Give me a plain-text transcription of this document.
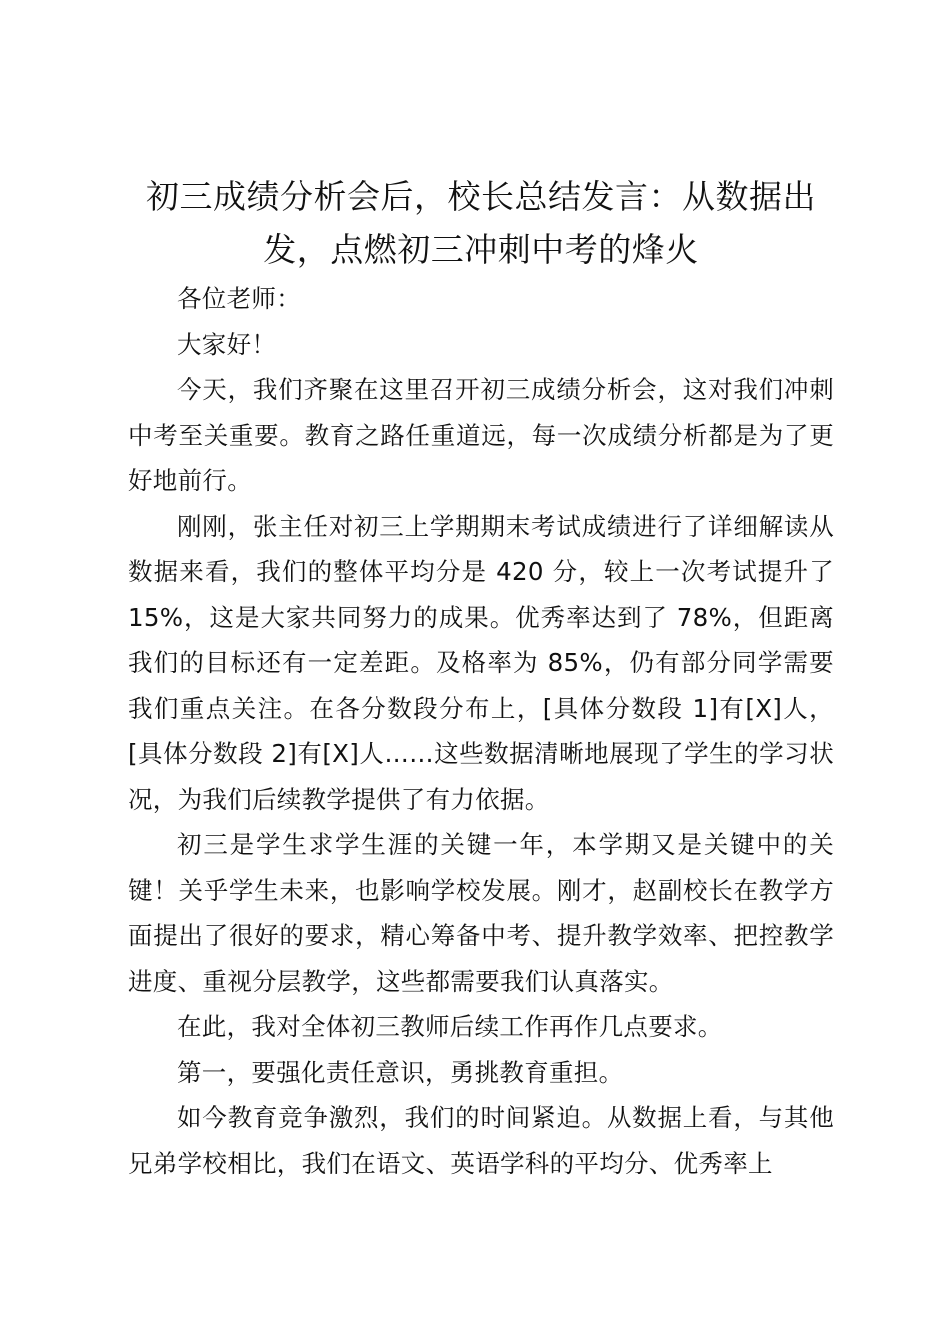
初三成绩分析会后，校长总结发言：从数据出发，点燃初三冲刺中考的烽火

各位老师：

大家好！

今天，我们齐聚在这里召开初三成绩分析会，这对我们冲刺中考至关重要。教育之路任重道远，每一次成绩分析都是为了更好地前行。

刚刚，张主任对初三上学期期末考试成绩进行了详细解读从数据来看，我们的整体平均分是 420 分，较上一次考试提升了 15%，这是大家共同努力的成果。优秀率达到了 78%，但距离我们的目标还有一定差距。及格率为 85%，仍有部分同学需要我们重点关注。在各分数段分布上，[具体分数段 1]有[X]人，[具体分数段 2]有[X]人……这些数据清晰地展现了学生的学习状况，为我们后续教学提供了有力依据。

初三是学生求学生涯的关键一年，本学期又是关键中的关键！关乎学生未来，也影响学校发展。刚才，赵副校长在教学方面提出了很好的要求，精心筹备中考、提升教学效率、把控教学进度、重视分层教学，这些都需要我们认真落实。

在此，我对全体初三教师后续工作再作几点要求。

第一，要强化责任意识，勇挑教育重担。

如今教育竞争激烈，我们的时间紧迫。从数据上看，与其他兄弟学校相比，我们在语文、英语学科的平均分、优秀率上
